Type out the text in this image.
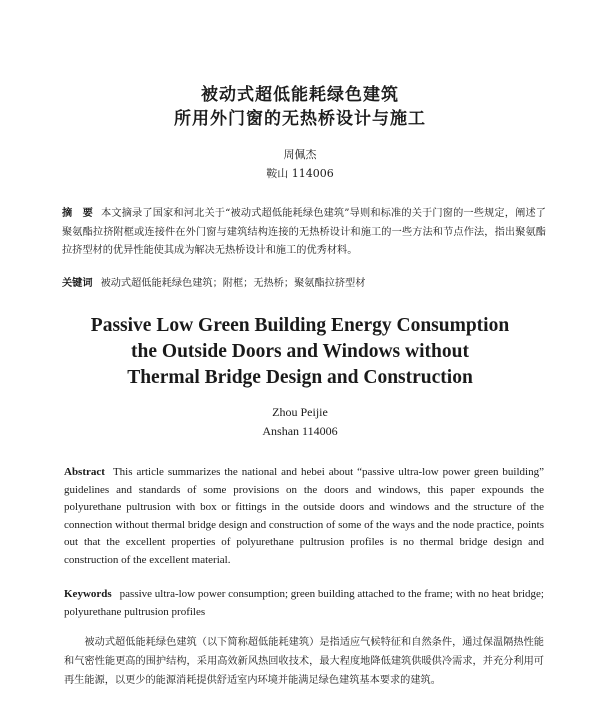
被动式超低能耗绿色建筑
所用外门窗的无热桥设计与施工
周佩杰
鞍山 114006
摘　要 本文摘录了国家和河北关于“被动式超低能耗绿色建筑”导则和标准的关于门窗的一些规定，阐述了聚氨酯拉挤附框或连接件在外门窗与建筑结构连接的无热桥设计和施工的一些方法和节点作法，指出聚氨酯拉挤型材的优异性能使其成为解决无热桥设计和施工的优秀材料。
关键词 被动式超低能耗绿色建筑；附框；无热桥；聚氨酯拉挤型材
Passive Low Green Building Energy Consumption
the Outside Doors and Windows without
Thermal Bridge Design and Construction
Zhou Peijie
Anshan 114006
Abstract This article summarizes the national and hebei about “passive ultra-low power green building” guidelines and standards of some provisions on the doors and windows, this paper expounds the polyurethane pultrusion with box or fittings in the outside doors and windows and the structure of the connection without thermal bridge design and construction of some of the ways and the node practice, points out that the excellent properties of polyurethane pultrusion profiles is no thermal bridge design and construction of the excellent material.
Keywords passive ultra-low power consumption; green building attached to the frame; with no heat bridge; polyurethane pultrusion profiles
被动式超低能耗绿色建筑（以下简称超低能耗建筑）是指适应气候特征和自然条件，通过保温隔热性能和气密性能更高的围护结构，采用高效新风热回收技术，最大程度地降低建筑供暖供冷需求，并充分利用可再生能源，以更少的能源消耗提供舒适室内环境并能满足绿色建筑基本要求的建筑。
